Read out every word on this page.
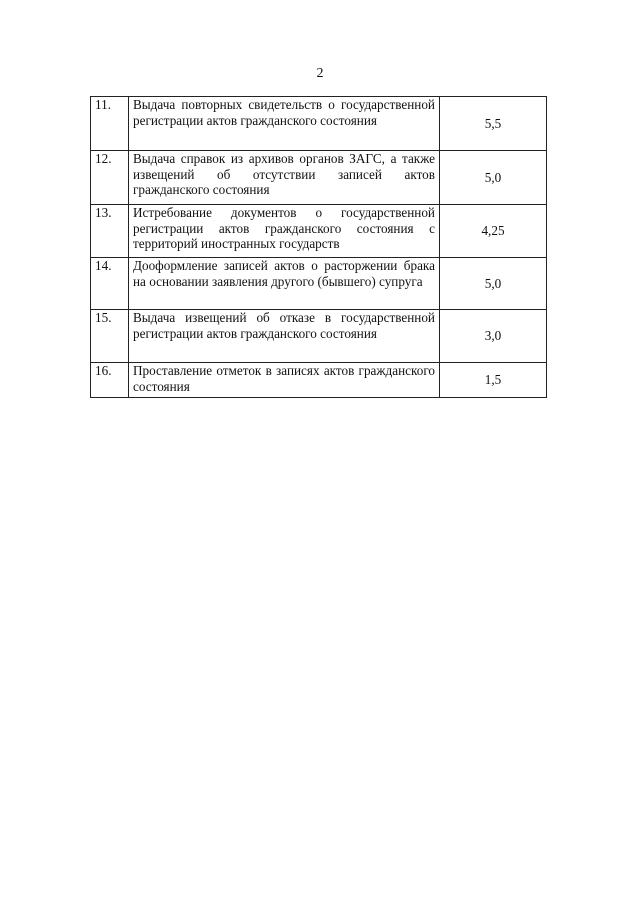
2
11.	Выдача повторных свидетельств о государственной регистрации актов гражданского состояния	5,5
12.	Выдача справок из архивов органов ЗАГС, а также извещений об отсутствии записей актов гражданского состояния	5,0
13.	Истребование документов о государственной регистрации актов гражданского состояния с территорий иностранных государств	4,25
14.	Дооформление записей актов о расторжении брака на основании заявления другого (бывшего) супруга	5,0
15.	Выдача извещений об отказе в государственной регистрации актов гражданского состояния	3,0
16.	Проставление отметок в записях актов гражданского состояния	1,5
